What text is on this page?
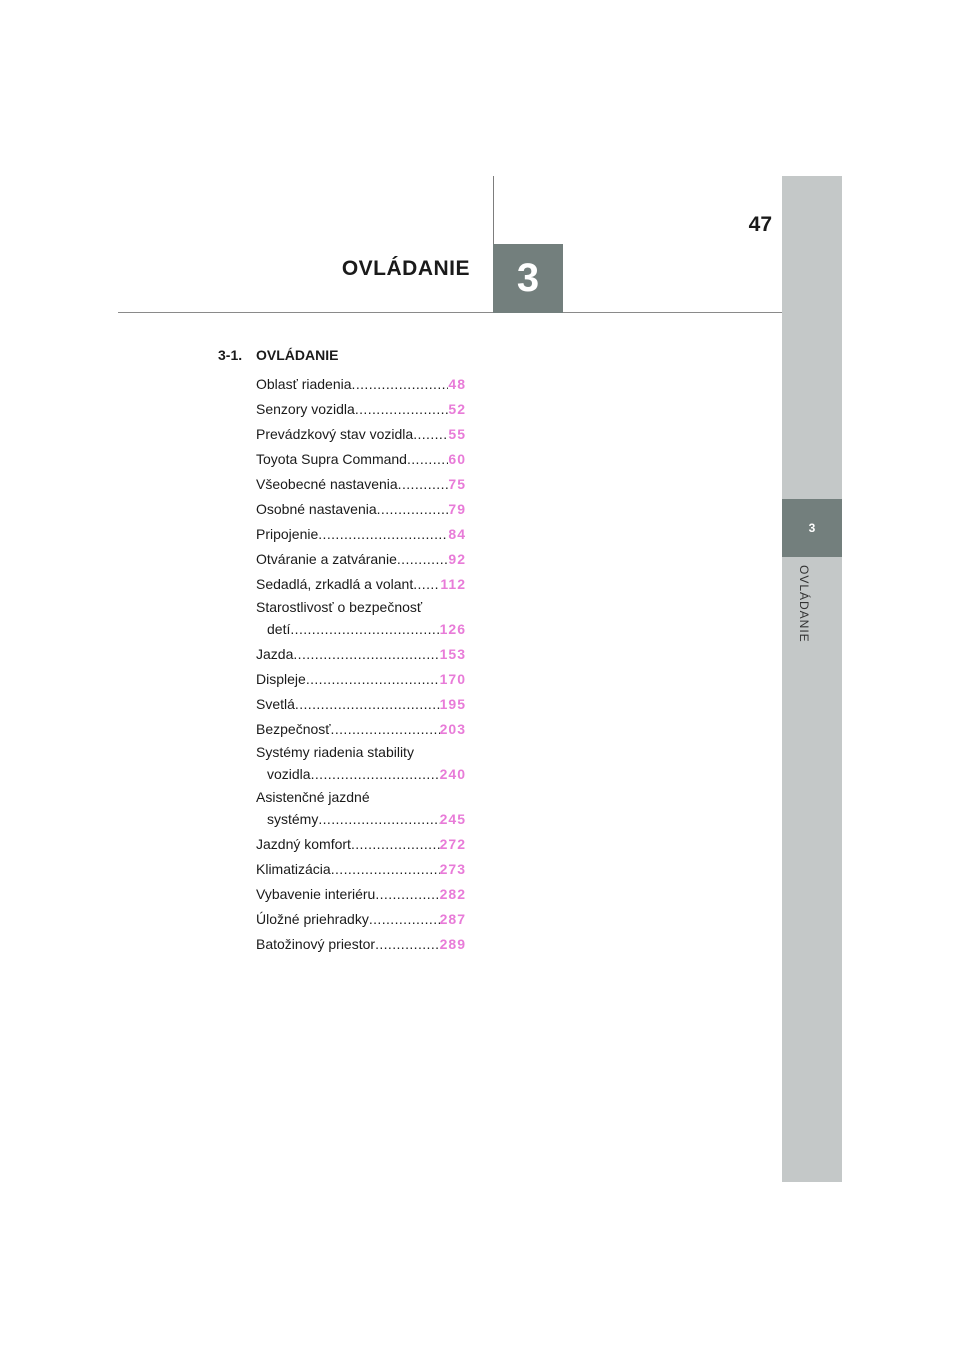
47
OVLÁDANIE	3
3
OVLÁDANIE
3-1. OVLÁDANIE
Oblasť riadenia .....	48
Senzory vozidla .....	52
Prevádzkový stav vozidla .....	55
Toyota Supra Command .....	60
Všeobecné nastavenia .....	75
Osobné nastavenia .....	79
Pripojenie .....	84
Otváranie a zatváranie .....	92
Sedadlá, zrkadlá a volant ..... 112
Starostlivosť o bezpečnosť
detí .....	126
Jazda .....	153
Displeje .....	170
Svetlá .....	195
Bezpečnosť .....	203
Systémy riadenia stability
vozidla .....	240
Asistenčné jazdné
systémy .....	245
Jazdný komfort .....	272
Klimatizácia .....	273
Vybavenie interiéru .....	282
Úložné priehradky .....	287
Batožinový priestor .....	289
